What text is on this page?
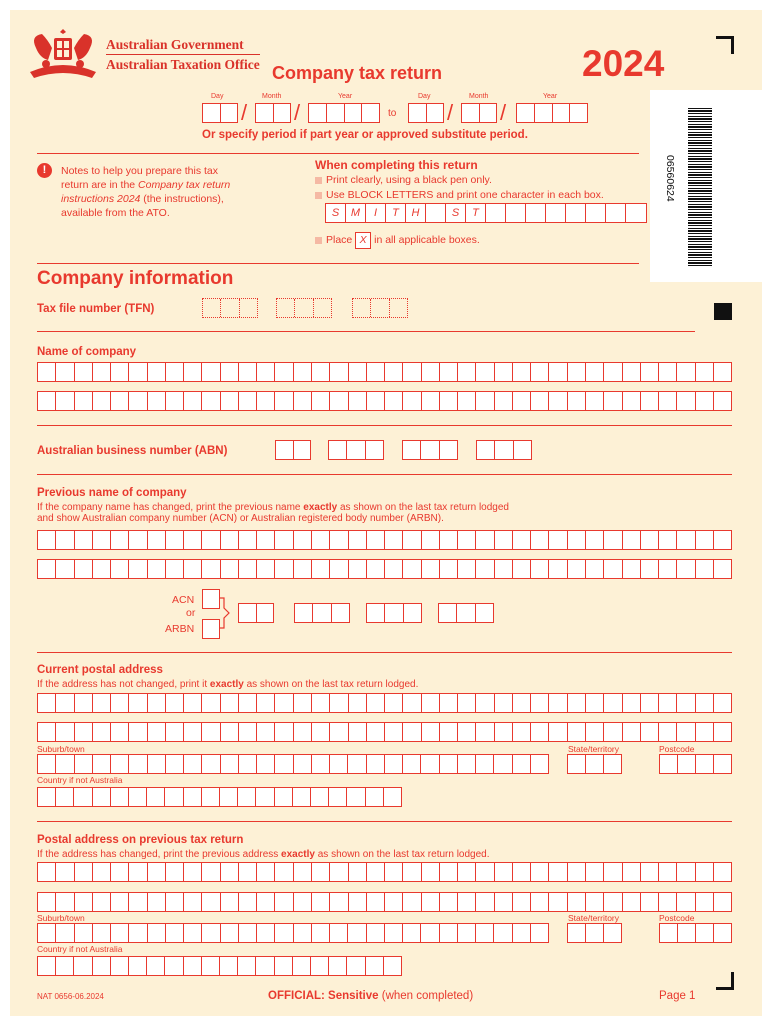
Australian Government
Australian Taxation Office Company tax return	2024
Day	Month	Year	Day	Month	Year
/ /	to / /
Or specify period if part year or approved substitute period.
!	Notes to help you prepare this tax
return are in the Company tax return
instructions 2024 (the instructions),
available from the ATO.
When completing this return
Print clearly, using a black pen only.
Use BLOCK LETTERS and print one character in each box.
S	M	I	T	H	S	T
Place X in all applicable boxes.
06560624
Company information
Tax file number (TFN)
Name of company
Australian business number (ABN)
Previous name of company
If the company name has changed, print the previous name exactly as shown on the last tax return lodged
and show Australian company number (ACN) or Australian registered body number (ARBN).
ACN
or
ARBN
Current postal address
If the address has not changed, print it exactly as shown on the last tax return lodged.
Suburb/town	State/territory	Postcode
Country if not Australia
Postal address on previous tax return
If the address has changed, print the previous address exactly as shown on the last tax return lodged.
Suburb/town	State/territory	Postcode
Country if not Australia
NAT 0656-06.2024	OFFICIAL: Sensitive (when completed)	Page 1
